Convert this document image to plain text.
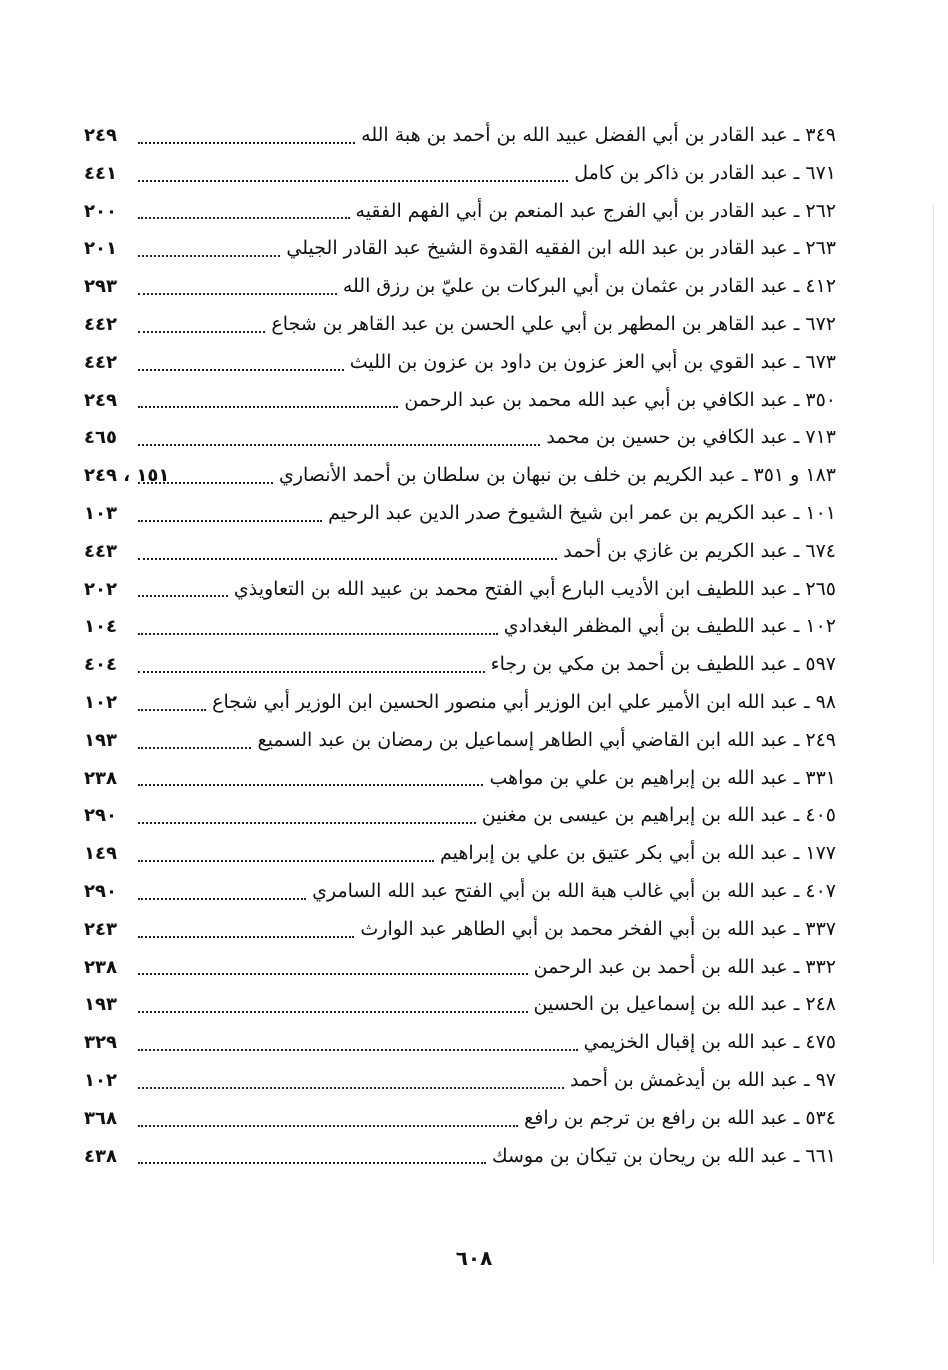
٣٤٩ ـ عبد القادر بن أبي الفضل عبيد الله بن أحمد بن هبة الله
٢٤٩
٦٧١ ـ عبد القادر بن ذاكر بن كامل
٤٤١
٢٦٢ ـ عبد القادر بن أبي الفرج عبد المنعم بن أبي الفهم الفقيه
٢٠٠
٢٦٣ ـ عبد القادر بن عبد الله ابن الفقيه القدوة الشيخ عبد القادر الجيلي
٢٠١
٤١٢ ـ عبد القادر بن عثمان بن أبي البركات بن عليّ بن رزق الله
٢٩٣
٦٧٢ ـ عبد القاهر بن المطهر بن أبي علي الحسن بن عبد القاهر بن شجاع
٤٤٢
٦٧٣ ـ عبد القوي بن أبي العز عزون بن داود بن عزون بن الليث
٤٤٢
٣٥٠ ـ عبد الكافي بن أبي عبد الله محمد بن عبد الرحمن
٢٤٩
٧١٣ ـ عبد الكافي بن حسين بن محمد
٤٦٥
١٨٣ و ٣٥١ ـ عبد الكريم بن خلف بن نبهان بن سلطان بن أحمد الأنصاري
١٥١ ، ٢٤٩
١٠١ ـ عبد الكريم بن عمر ابن شيخ الشيوخ صدر الدين عبد الرحيم
١٠٣
٦٧٤ ـ عبد الكريم بن غازي بن أحمد
٤٤٣
٢٦٥ ـ عبد اللطيف ابن الأديب البارع أبي الفتح محمد بن عبيد الله بن التعاويذي
٢٠٢
١٠٢ ـ عبد اللطيف بن أبي المظفر البغدادي
١٠٤
٥٩٧ ـ عبد اللطيف بن أحمد بن مكي بن رجاء
٤٠٤
٩٨ ـ عبد الله ابن الأمير علي ابن الوزير أبي منصور الحسين ابن الوزير أبي شجاع
١٠٢
٢٤٩ ـ عبد الله ابن القاضي أبي الطاهر إسماعيل بن رمضان بن عبد السميع
١٩٣
٣٣١ ـ عبد الله بن إبراهيم بن علي بن مواهب
٢٣٨
٤٠٥ ـ عبد الله بن إبراهيم بن عيسى بن مغنين
٢٩٠
١٧٧ ـ عبد الله بن أبي بكر عتيق بن علي بن إبراهيم
١٤٩
٤٠٧ ـ عبد الله بن أبي غالب هبة الله بن أبي الفتح عبد الله السامري
٢٩٠
٣٣٧ ـ عبد الله بن أبي الفخر محمد بن أبي الطاهر عبد الوارث
٢٤٣
٣٣٢ ـ عبد الله بن أحمد بن عبد الرحمن
٢٣٨
٢٤٨ ـ عبد الله بن إسماعيل بن الحسين
١٩٣
٤٧٥ ـ عبد الله بن إقبال الخزيمي
٣٢٩
٩٧ ـ عبد الله بن أيدغمش بن أحمد
١٠٢
٥٣٤ ـ عبد الله بن رافع بن ترجم بن رافع
٣٦٨
٦٦١ ـ عبد الله بن ريحان بن تيكان بن موسك
٤٣٨
٦٠٨
